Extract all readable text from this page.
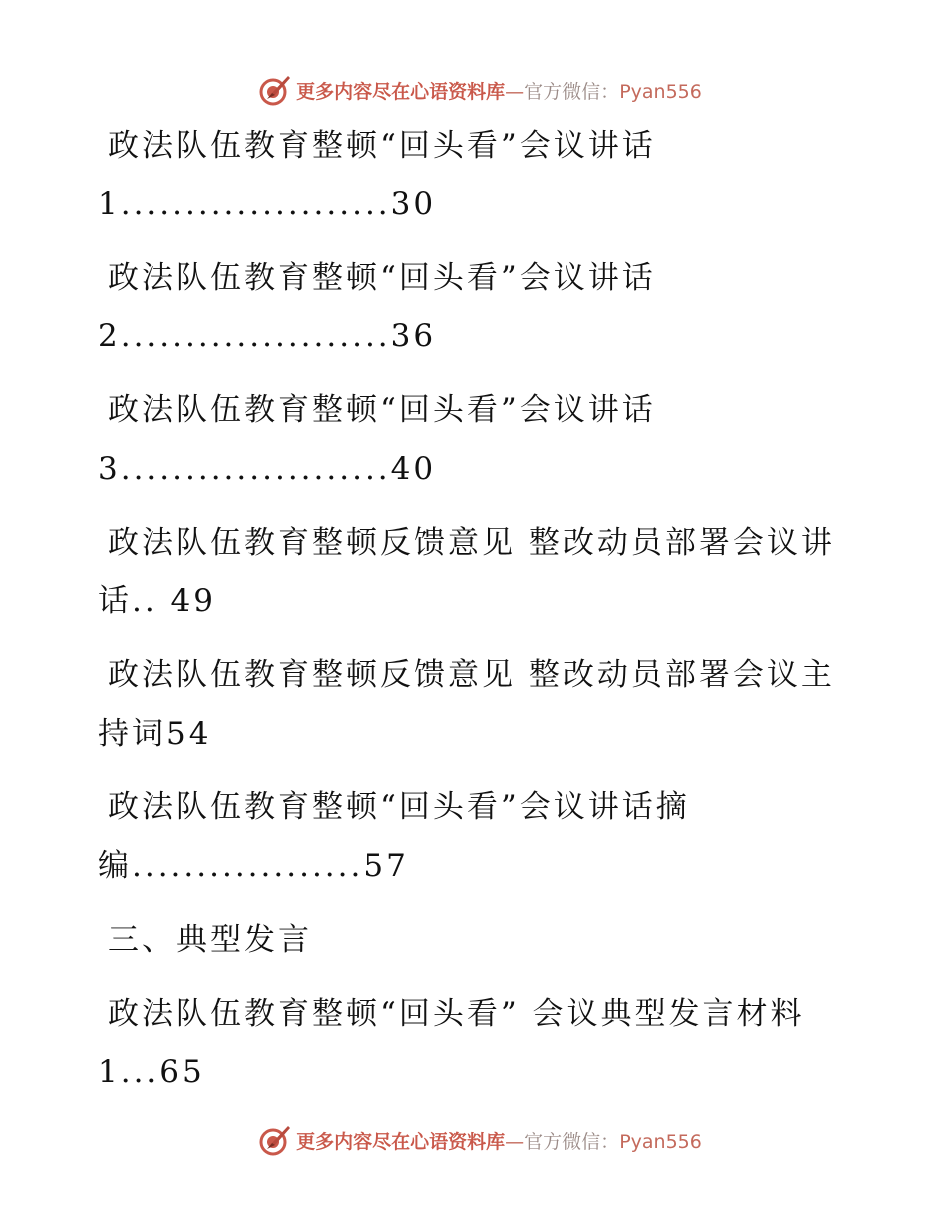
更多内容尽在心语资料库—官方微信：Pyan556
政法队伍教育整顿“回头看”会议讲话
1.....................30
政法队伍教育整顿“回头看”会议讲话
2.....................36
政法队伍教育整顿“回头看”会议讲话
3.....................40
政法队伍教育整顿反馈意见 整改动员部署会议讲
话.. 49
政法队伍教育整顿反馈意见 整改动员部署会议主
持词54
政法队伍教育整顿“回头看”会议讲话摘
编..................57
三、典型发言
政法队伍教育整顿“回头看” 会议典型发言材料
1...65
更多内容尽在心语资料库—官方微信：Pyan556
